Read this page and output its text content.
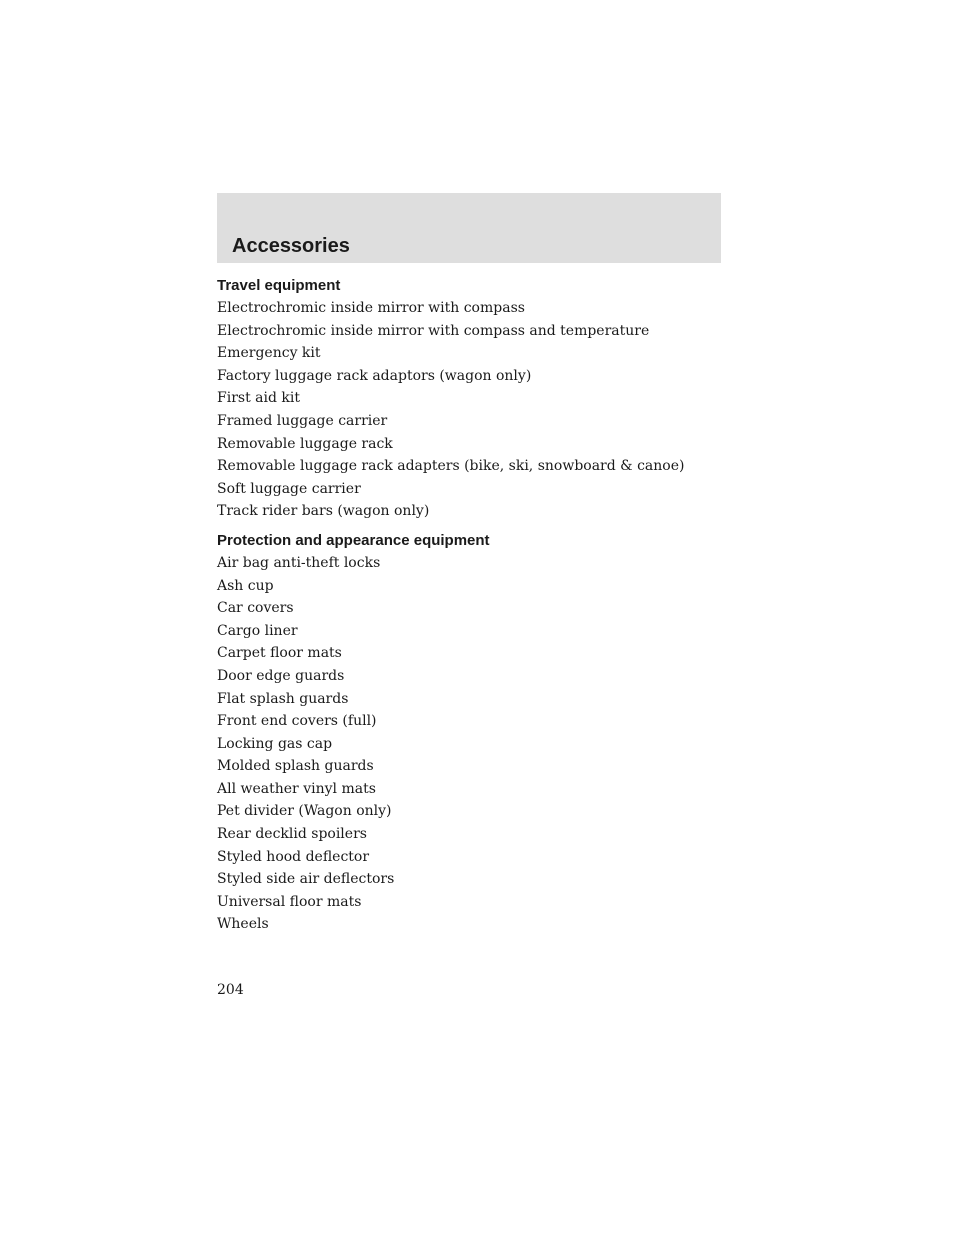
Accessories
Travel equipment
Electrochromic inside mirror with compass
Electrochromic inside mirror with compass and temperature
Emergency kit
Factory luggage rack adaptors (wagon only)
First aid kit
Framed luggage carrier
Removable luggage rack
Removable luggage rack adapters (bike, ski, snowboard & canoe)
Soft luggage carrier
Track rider bars (wagon only)
Protection and appearance equipment
Air bag anti-theft locks
Ash cup
Car covers
Cargo liner
Carpet floor mats
Door edge guards
Flat splash guards
Front end covers (full)
Locking gas cap
Molded splash guards
All weather vinyl mats
Pet divider (Wagon only)
Rear decklid spoilers
Styled hood deflector
Styled side air deflectors
Universal floor mats
Wheels
204
